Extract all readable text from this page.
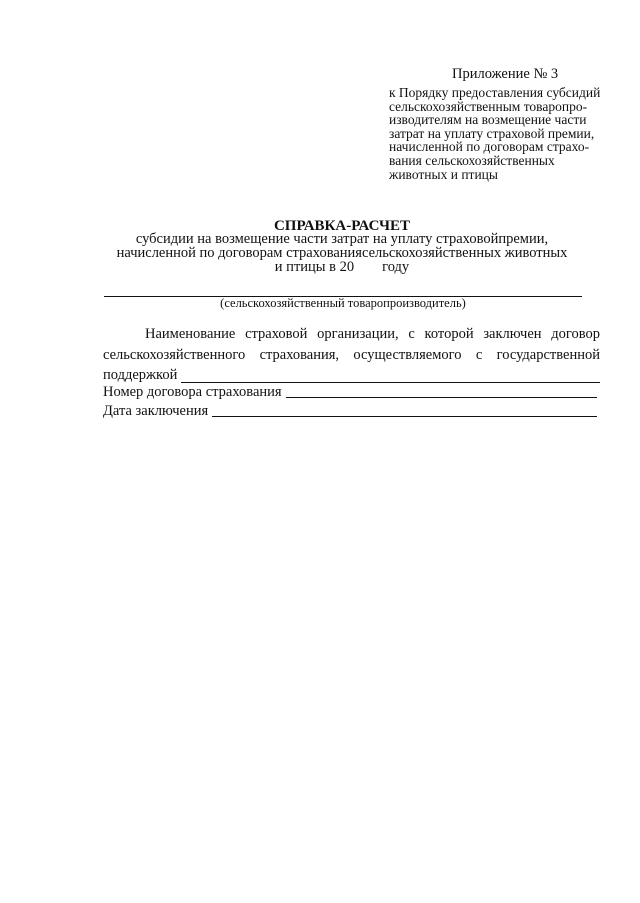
Приложение № 3
к Порядку предоставления субсидий
сельскохозяйственным товаропро-
изводителям на возмещение части
затрат на уплату страховой премии,
начисленной по договорам страхо-
вания сельскохозяйственных
животных и птицы
СПРАВКА-РАСЧЕТ
субсидии на возмещение части затрат на уплату страховойпремии,
начисленной по договорам страхованиясельскохозяйственных животных
и птицы в 20 году
(сельскохозяйственный товаропроизводитель)
Наименование страховой организации, с которой заключен договор
сельскохозяйственного страхования, осуществляемого с государственной
поддержкой
Номер договора страхования
Дата заключения
